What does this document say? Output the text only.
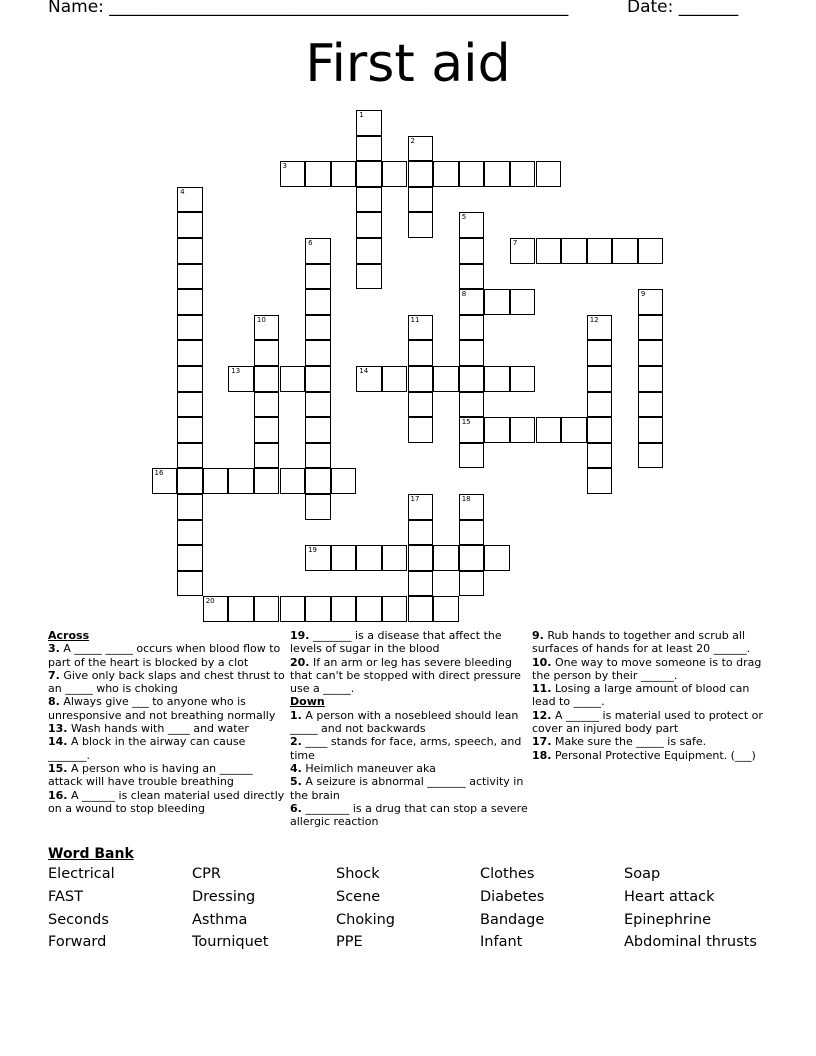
Name: ______________________________________________________	Date: _______
First aid
3
7
8
13	14
15
16
19
20
1
2
4
5
6
9
10	11	12
17	18
Across

3. A _____ _____ occurs when blood flow to part of the heart is blocked by a clot

7. Give only back slaps and chest thrust to an _____ who is choking

8. Always give ___ to anyone who is unresponsive and not breathing normally

13. Wash hands with ____ and water

14. A block in the airway can cause _______.

15. A person who is having an ______ attack will have trouble breathing

16. A ______ is clean material used directly on a wound to stop bleeding

19. _______ is a disease that affect the levels of sugar in the blood

20. If an arm or leg has severe bleeding that can't be stopped with direct pressure use a _____.

Down

1. A person with a nosebleed should lean _____ and not backwards

2. ____ stands for face, arms, speech, and time

4. Heimlich maneuver aka

5. A seizure is abnormal _______ activity in the brain

6. ________ is a drug that can stop a severe allergic reaction

9. Rub hands to together and scrub all surfaces of hands for at least 20 ______.

10. One way to move someone is to drag the person by their ______.

11. Losing a large amount of blood can lead to _____.

12. A ______ is material used to protect or cover an injured body part

17. Make sure the _____ is safe.

18. Personal Protective Equipment. (___)

Word Bank
Electrical	CPR	Shock	Clothes	Soap
FAST	Dressing	Scene	Diabetes	Heart attack
Seconds	Asthma	Choking	Bandage	Epinephrine
Forward	Tourniquet	PPE	Infant	Abdominal thrusts
